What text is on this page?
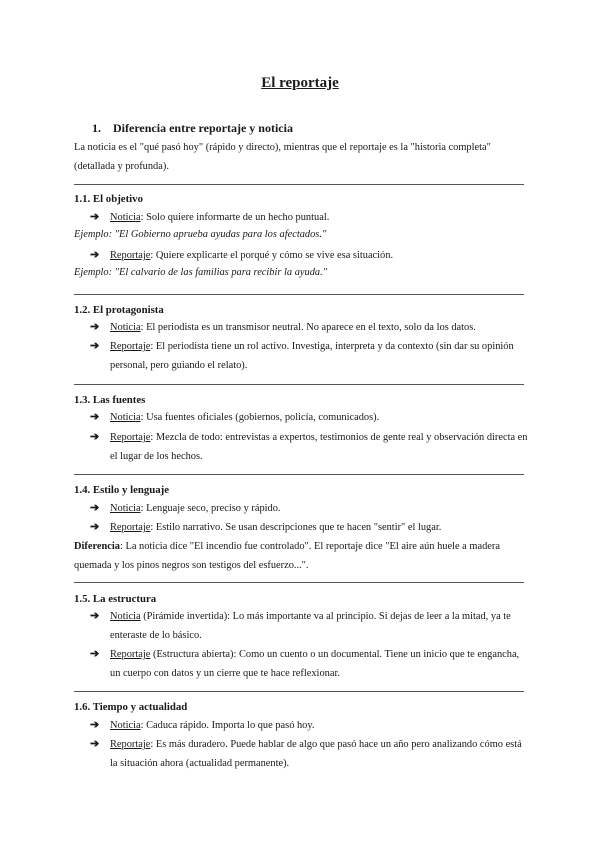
El reportaje
1. Diferencia entre reportaje y noticia
La noticia es el "qué pasó hoy" (rápido y directo), mientras que el reportaje es la "historia completa" (detallada y profunda).
1.1. El objetivo
➔ Noticia: Solo quiere informarte de un hecho puntual.
Ejemplo: "El Gobierno aprueba ayudas para los afectados."
➔ Reportaje: Quiere explicarte el porqué y cómo se vive esa situación.
Ejemplo: "El calvario de las familias para recibir la ayuda."
1.2. El protagonista
➔ Noticia: El periodista es un transmisor neutral. No aparece en el texto, solo da los datos.
➔ Reportaje: El periodista tiene un rol activo. Investiga, interpreta y da contexto (sin dar su opinión personal, pero guiando el relato).
1.3. Las fuentes
➔ Noticia: Usa fuentes oficiales (gobiernos, policía, comunicados).
➔ Reportaje: Mezcla de todo: entrevistas a expertos, testimonios de gente real y observación directa en el lugar de los hechos.
1.4. Estilo y lenguaje
➔ Noticia: Lenguaje seco, preciso y rápido.
➔ Reportaje: Estilo narrativo. Se usan descripciones que te hacen "sentir" el lugar.
Diferencia: La noticia dice "El incendio fue controlado". El reportaje dice "El aire aún huele a madera quemada y los pinos negros son testigos del esfuerzo...".
1.5. La estructura
➔ Noticia (Pirámide invertida): Lo más importante va al principio. Si dejas de leer a la mitad, ya te enteraste de lo básico.
➔ Reportaje (Estructura abierta): Como un cuento o un documental. Tiene un inicio que te engancha, un cuerpo con datos y un cierre que te hace reflexionar.
1.6. Tiempo y actualidad
➔ Noticia: Caduca rápido. Importa lo que pasó hoy.
➔ Reportaje: Es más duradero. Puede hablar de algo que pasó hace un año pero analizando cómo está la situación ahora (actualidad permanente).
